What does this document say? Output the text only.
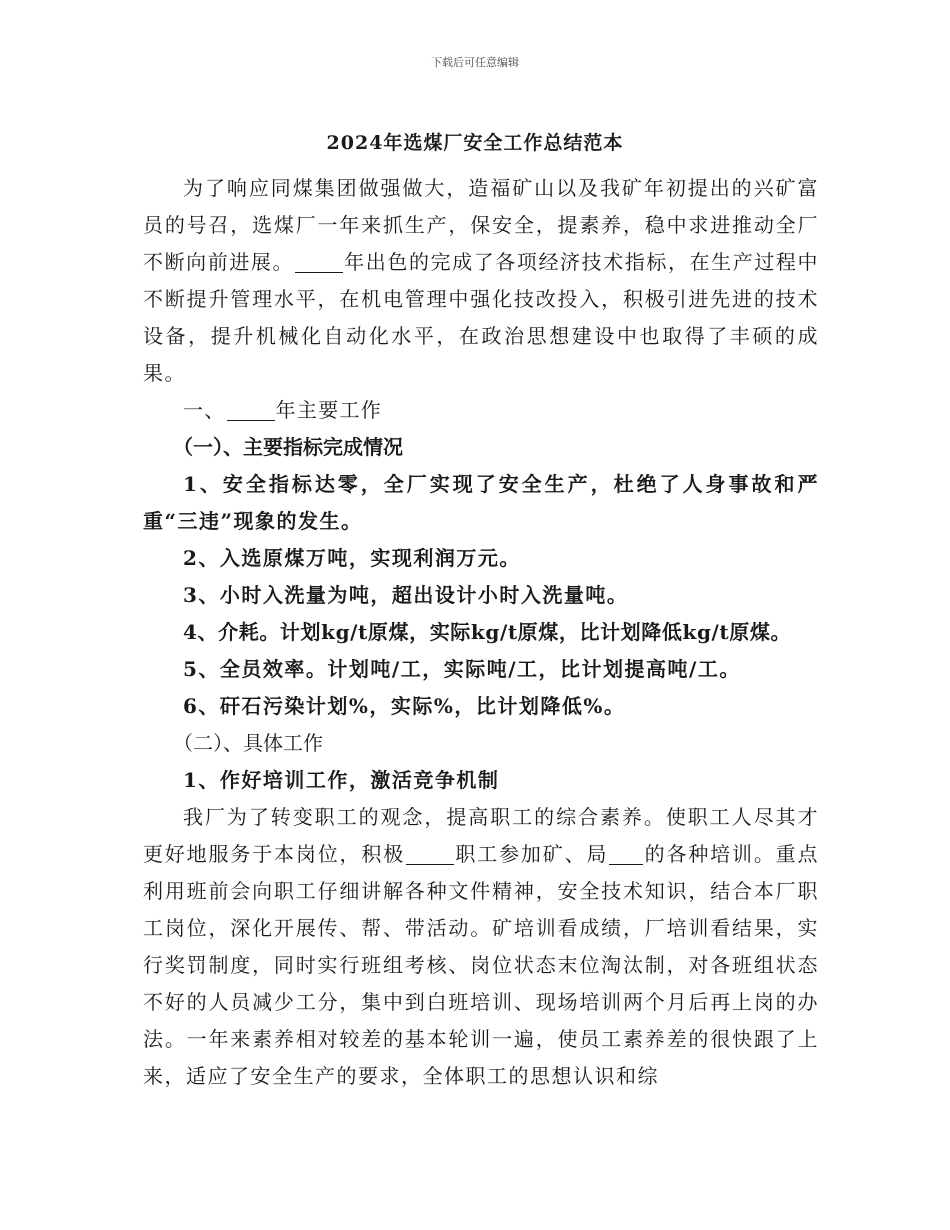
下载后可任意编辑
2024年选煤厂安全工作总结范本

为了响应同煤集团做强做大，造福矿山以及我矿年初提出的兴矿富员的号召，选煤厂一年来抓生产，保安全，提素养，稳中求进推动全厂不断向前进展。	年出色的完成了各项经济技术指标，在生产过程中不断提升管理水平，在机电管理中强化技改投入，积极引进先进的技术设备，提升机械化自动化水平，在政治思想建设中也取得了丰硕的成果。

一、	年主要工作

（一）、主要指标完成情况

1、安全指标达零，全厂实现了安全生产，杜绝了人身事故和严重“三违”现象的发生。

2、入选原煤万吨，实现利润万元。

3、小时入洗量为吨，超出设计小时入洗量吨。

4、介耗。计划kg/t原煤，实际kg/t原煤，比计划降低kg/t原煤。

5、全员效率。计划吨/工，实际吨/工，比计划提高吨/工。

6、矸石污染计划%，实际%，比计划降低%。

（二）、具体工作

1、作好培训工作，激活竞争机制

我厂为了转变职工的观念，提高职工的综合素养。使职工人尽其才更好地服务于本岗位，积极	职工参加矿、局 的各种培训。重点利用班前会向职工仔细讲解各种文件精神，安全技术知识，结合本厂职工岗位，深化开展传、帮、带活动。矿培训看成绩，厂培训看结果，实行奖罚制度，同时实行班组考核、岗位状态末位淘汰制，对各班组状态不好的人员减少工分，集中到白班培训、现场培训两个月后再上岗的办法。一年来素养相对较差的基本轮训一遍，使员工素养差的很快跟了上来，适应了安全生产的要求，全体职工的思想认识和综
